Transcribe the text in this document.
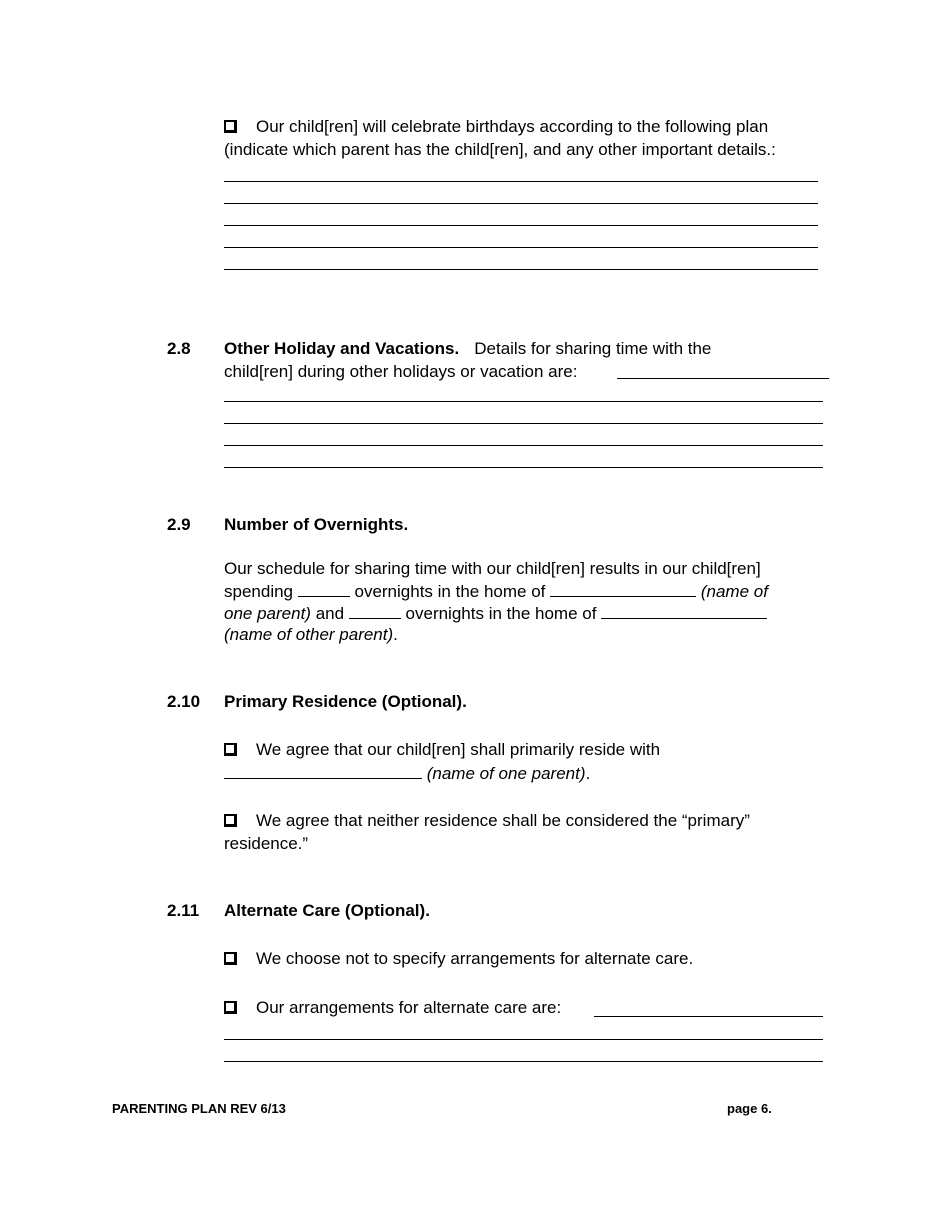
Our child[ren] will celebrate birthdays according to the following plan
(indicate which parent has the child[ren], and any other important details.:
2.8 Other Holiday and Vacations. Details for sharing time with the
child[ren] during other holidays or vacation are:
2.9 Number of Overnights.
Our schedule for sharing time with our child[ren] results in our child[ren]
spending	overnights in the home of	(name of
one parent) and	overnights in the home of
(name of other parent).
2.10 Primary Residence (Optional).
We agree that our child[ren] shall primarily reside with
(name of one parent).
We agree that neither residence shall be considered the “primary”
residence.”
2.11 Alternate Care (Optional).
We choose not to specify arrangements for alternate care.
Our arrangements for alternate care are:
PARENTING PLAN REV 6/13	page 6.
